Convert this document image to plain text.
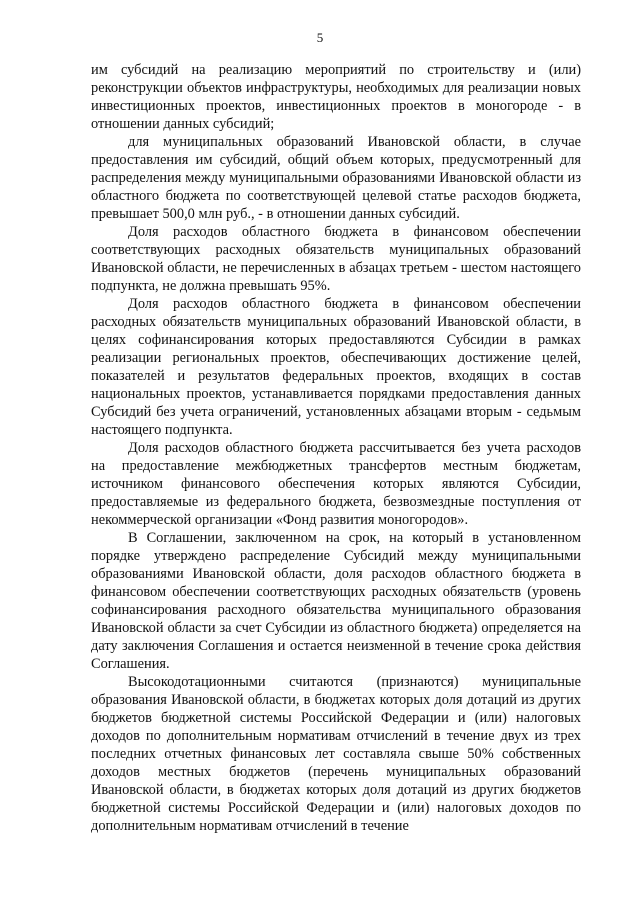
5

им субсидий на реализацию мероприятий по строительству и (или) реконструкции объектов инфраструктуры, необходимых для реализации новых инвестиционных проектов, инвестиционных проектов в моногороде - в отношении данных субсидий;

для муниципальных образований Ивановской области, в случае предоставления им субсидий, общий объем которых, предусмотренный для распределения между муниципальными образованиями Ивановской области из областного бюджета по соответствующей целевой статье расходов бюджета, превышает 500,0 млн руб., - в отношении данных субсидий.

Доля расходов областного бюджета в финансовом обеспечении соответствующих расходных обязательств муниципальных образований Ивановской области, не перечисленных в абзацах третьем - шестом настоящего подпункта, не должна превышать 95%.

Доля расходов областного бюджета в финансовом обеспечении расходных обязательств муниципальных образований Ивановской области, в целях софинансирования которых предоставляются Субсидии в рамках реализации региональных проектов, обеспечивающих достижение целей, показателей и результатов федеральных проектов, входящих в состав национальных проектов, устанавливается порядками предоставления данных Субсидий без учета ограничений, установленных абзацами вторым - седьмым настоящего подпункта.

Доля расходов областного бюджета рассчитывается без учета расходов на предоставление межбюджетных трансфертов местным бюджетам, источником финансового обеспечения которых являются Субсидии, предоставляемые из федерального бюджета, безвозмездные поступления от некоммерческой организации «Фонд развития моногородов».

В Соглашении, заключенном на срок, на который в установленном порядке утверждено распределение Субсидий между муниципальными образованиями Ивановской области, доля расходов областного бюджета в финансовом обеспечении соответствующих расходных обязательств (уровень софинансирования расходного обязательства муниципального образования Ивановской области за счет Субсидии из областного бюджета) определяется на дату заключения Соглашения и остается неизменной в течение срока действия Соглашения.

Высокодотационными считаются (признаются) муниципальные образования Ивановской области, в бюджетах которых доля дотаций из других бюджетов бюджетной системы Российской Федерации и (или) налоговых доходов по дополнительным нормативам отчислений в течение двух из трех последних отчетных финансовых лет составляла свыше 50% собственных доходов местных бюджетов (перечень муниципальных образований Ивановской области, в бюджетах которых доля дотаций из других бюджетов бюджетной системы Российской Федерации и (или) налоговых доходов по дополнительным нормативам отчислений в течение
